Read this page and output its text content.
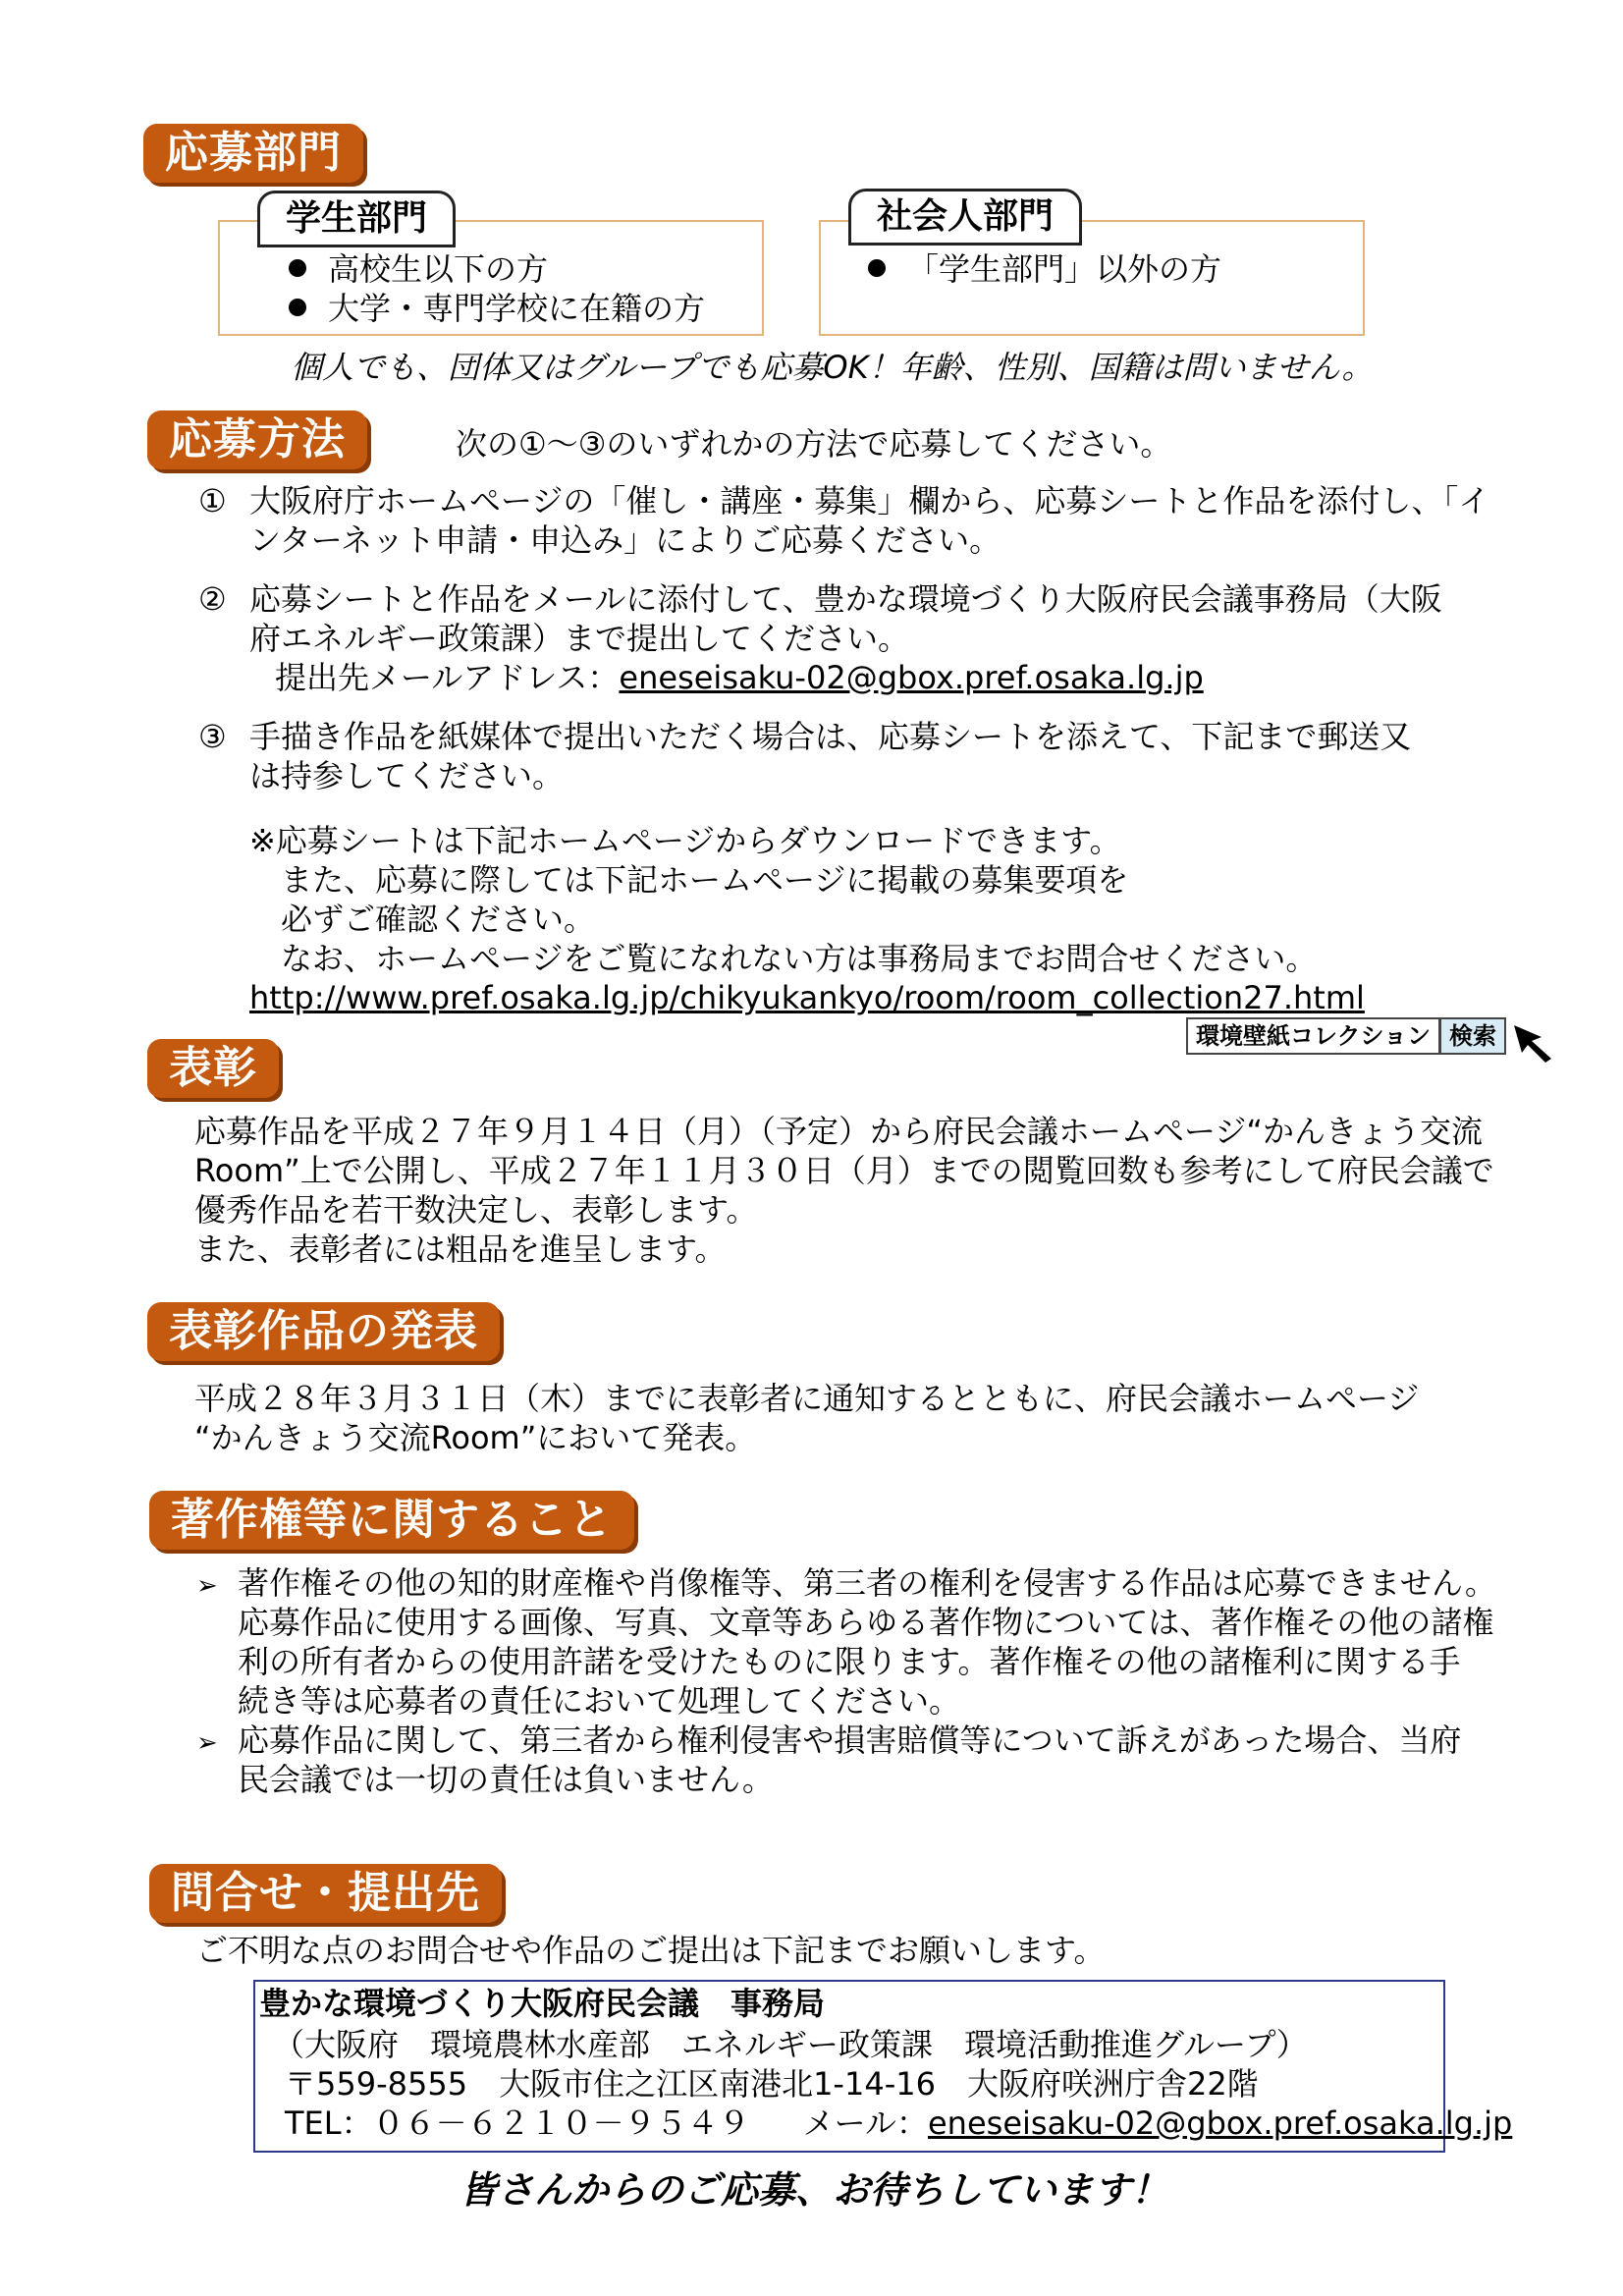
応募部門
学生部門
高校生以下の方
大学・専門学校に在籍の方
社会人部門
「学生部門」以外の方
個人でも、団体又はグループでも応募OK！年齢、性別、国籍は問いません。
応募方法	次の①～③のいずれかの方法で応募してください。
① 大阪府庁ホームページの「催し・講座・募集」欄から、応募シートと作品を添付し、「イ
ンターネット申請・申込み」によりご応募ください。
② 応募シートと作品をメールに添付して、豊かな環境づくり大阪府民会議事務局（大阪
府エネルギー政策課）まで提出してください。
提出先メールアドレス：eneseisaku-02@gbox.pref.osaka.lg.jp
③ 手描き作品を紙媒体で提出いただく場合は、応募シートを添えて、下記まで郵送又
は持参してください。
※応募シートは下記ホームページからダウンロードできます。
また、応募に際しては下記ホームページに掲載の募集要項を
必ずご確認ください。
なお、ホームページをご覧になれない方は事務局までお問合せください。
http://www.pref.osaka.lg.jp/chikyukankyo/room/room_collection27.html
環境壁紙コレクション 検索
表彰
応募作品を平成２７年９月１４日（月）（予定）から府民会議ホームページ“かんきょう交流
Room”上で公開し、平成２７年１１月３０日（月）までの閲覧回数も参考にして府民会議で
優秀作品を若干数決定し、表彰します。
また、表彰者には粗品を進呈します。
表彰作品の発表
平成２８年３月３１日（木）までに表彰者に通知するとともに、府民会議ホームページ
“かんきょう交流Room”において発表。
著作権等に関すること
➢ 著作権その他の知的財産権や肖像権等、第三者の権利を侵害する作品は応募できません。
応募作品に使用する画像、写真、文章等あらゆる著作物については、著作権その他の諸権
利の所有者からの使用許諾を受けたものに限ります。著作権その他の諸権利に関する手
続き等は応募者の責任において処理してください。
➢ 応募作品に関して、第三者から権利侵害や損害賠償等について訴えがあった場合、当府
民会議では一切の責任は負いません。
問合せ・提出先
ご不明な点のお問合せや作品のご提出は下記までお願いします。
豊かな環境づくり大阪府民会議　事務局
（大阪府　環境農林水産部　エネルギー政策課　環境活動推進グループ）
〒559-8555　大阪市住之江区南港北1-14-16　大阪府咲洲庁舎22階
TEL：０６－６２１０－９５４９ メール：eneseisaku-02@gbox.pref.osaka.lg.jp
皆さんからのご応募、お待ちしています！
